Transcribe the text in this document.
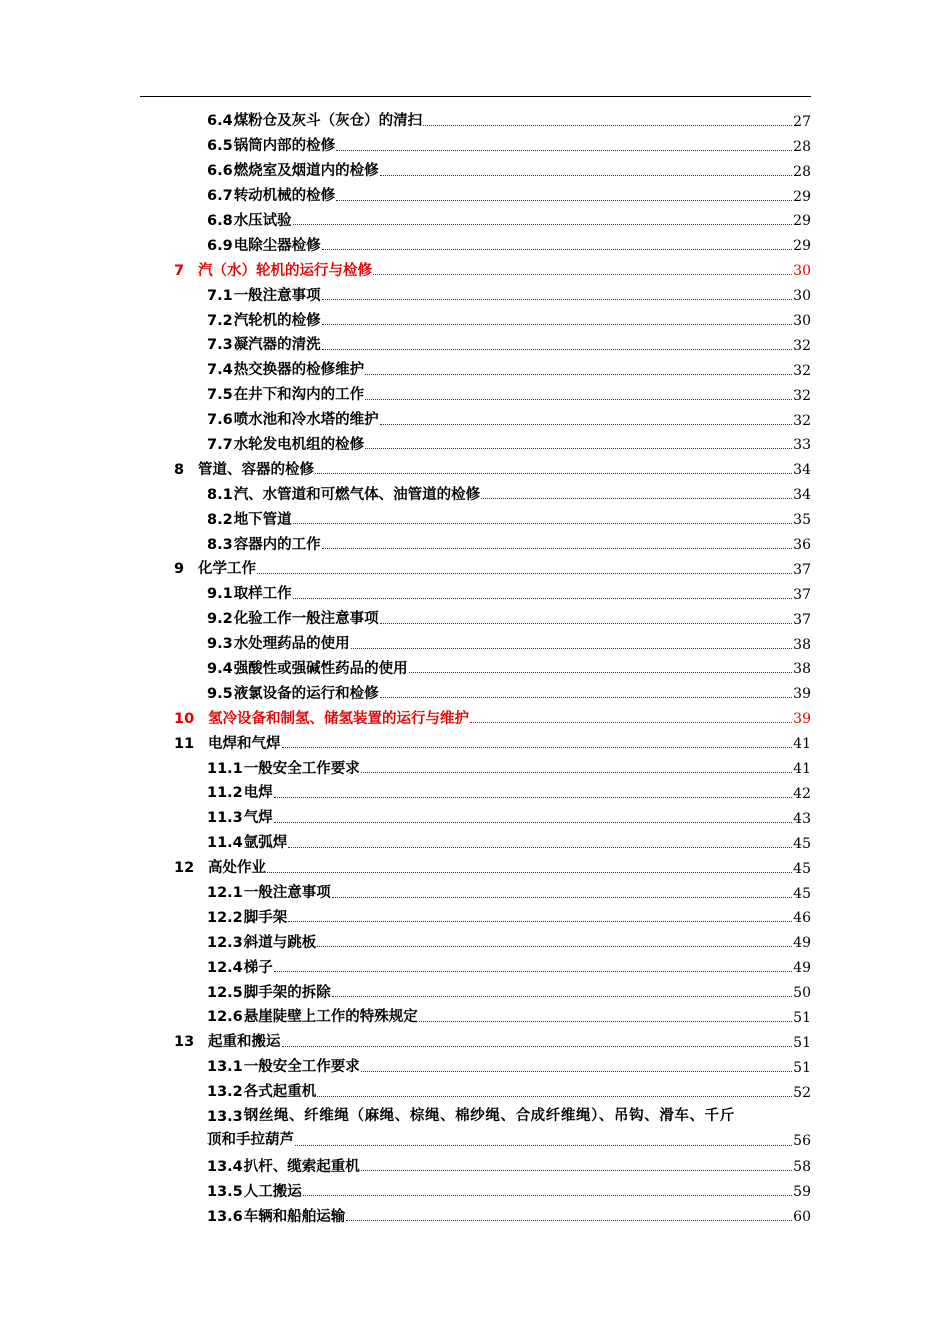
6.4 煤粉仓及灰斗（灰仓）的清扫	27
6.5 锅筒内部的检修	28
6.6 燃烧室及烟道内的检修	28
6.7 转动机械的检修	29
6.8 水压试验	29
6.9 电除尘器检修	29
7 汽（水）轮机的运行与检修	30
7.1 一般注意事项	30
7.2 汽轮机的检修	30
7.3 凝汽器的清洗	32
7.4 热交换器的检修维护	32
7.5 在井下和沟内的工作	32
7.6 喷水池和冷水塔的维护	32
7.7 水轮发电机组的检修	33
8 管道、容器的检修	34
8.1 汽、水管道和可燃气体、油管道的检修	34
8.2 地下管道	35
8.3 容器内的工作	36
9 化学工作	37
9.1 取样工作	37
9.2 化验工作一般注意事项	37
9.3 水处理药品的使用	38
9.4 强酸性或强碱性药品的使用	38
9.5 液氯设备的运行和检修	39
10 氢冷设备和制氢、储氢装置的运行与维护	39
11 电焊和气焊	41
11.1 一般安全工作要求	41
11.2 电焊	42
11.3 气焊	43
11.4 氩弧焊	45
12 高处作业	45
12.1 一般注意事项	45
12.2 脚手架	46
12.3 斜道与跳板	49
12.4 梯子	49
12.5 脚手架的拆除	50
12.6 悬崖陡壁上工作的特殊规定	51
13 起重和搬运	51
13.1 一般安全工作要求	51
13.2 各式起重机	52
13.3 钢丝绳、纤维绳（麻绳、棕绳、棉纱绳、合成纤维绳）、吊钩、滑车、千斤
顶和手拉葫芦	56
13.4 扒杆、缆索起重机	58
13.5 人工搬运	59
13.6 车辆和船舶运输	60
